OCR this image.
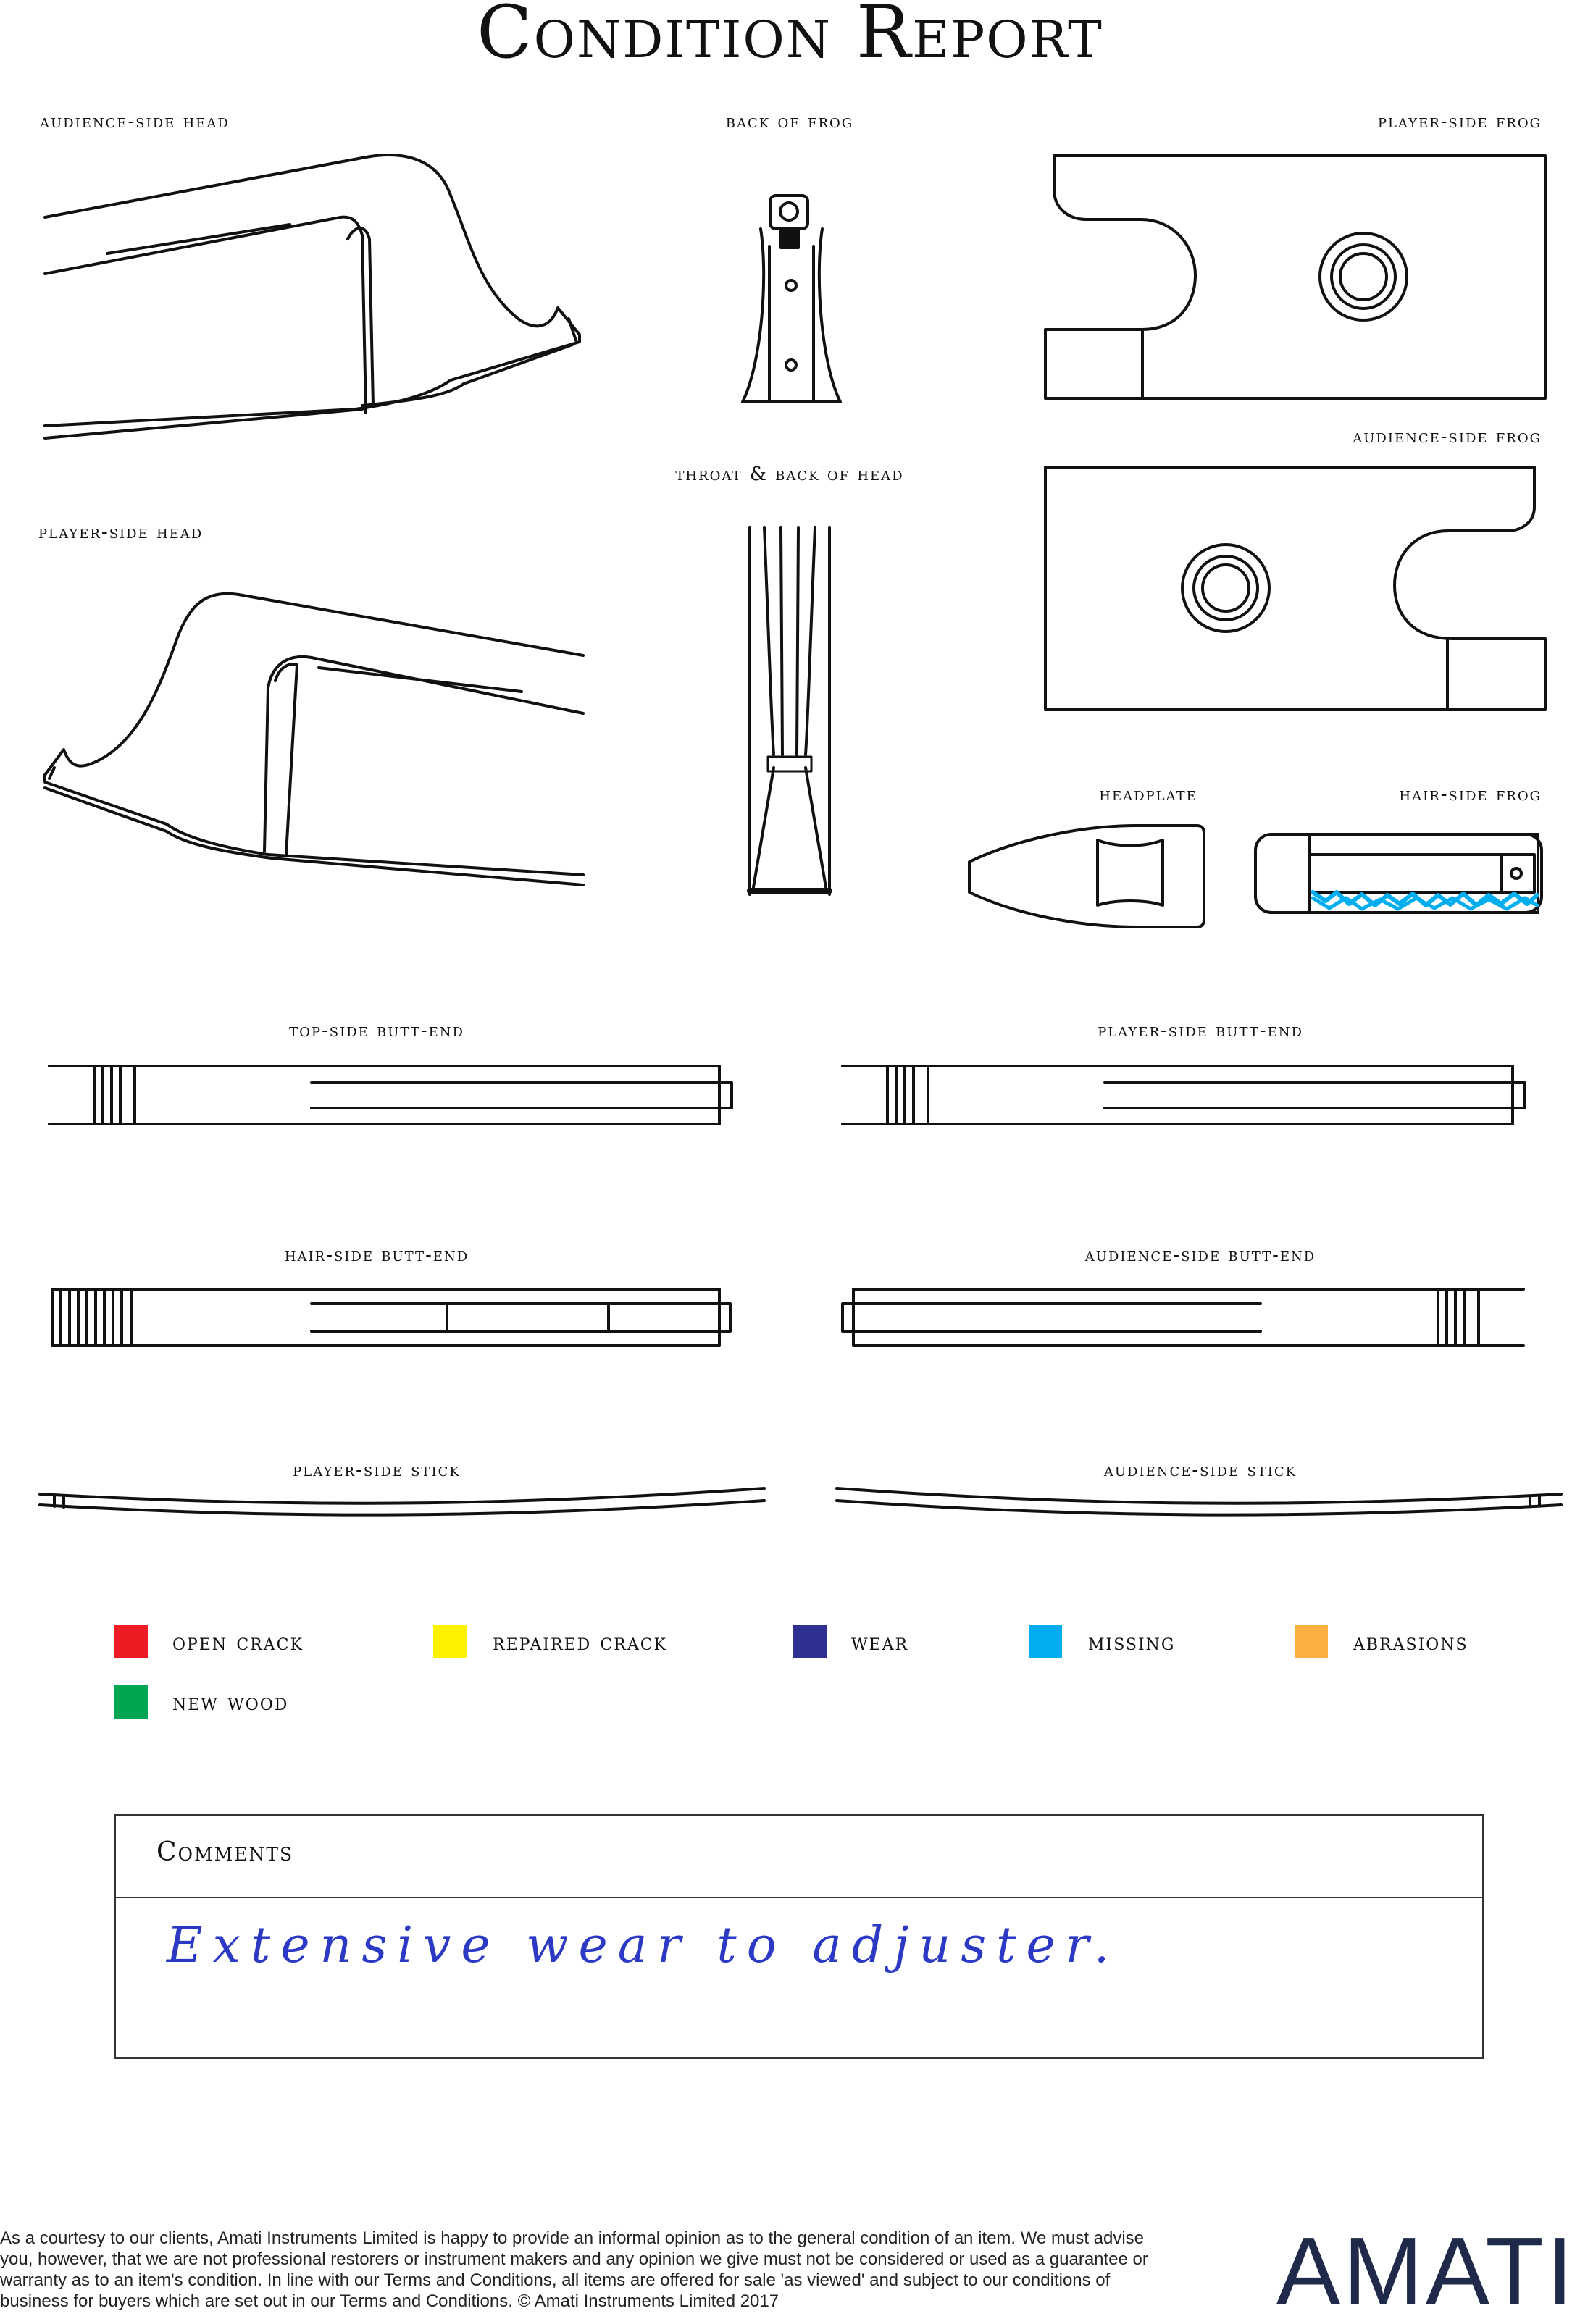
Condition Report
audience-side head	back of frog	player-side frog
audience-side frog
throat & back of head
player-side head
headplate	hair-side frog
top-side butt-end	player-side butt-end
hair-side butt-end	audience-side butt-end
player-side stick	audience-side stick
open crack	repaired crack	wear	missing	abrasions
new wood
Comments
Extensive wear to adjuster.
As a courtesy to our clients, Amati Instruments Limited is happy to provide an informal opinion as to the general condition of an item. We must advise you, however, that we are not professional restorers or instrument makers and any opinion we give must not be considered or used as a guarantee or warranty as to an item's condition. In line with our Terms and Conditions, all items are offered for sale 'as viewed' and subject to our conditions of business for buyers which are set out in our Terms and Conditions. © Amati Instruments Limited 2017	AMATI
